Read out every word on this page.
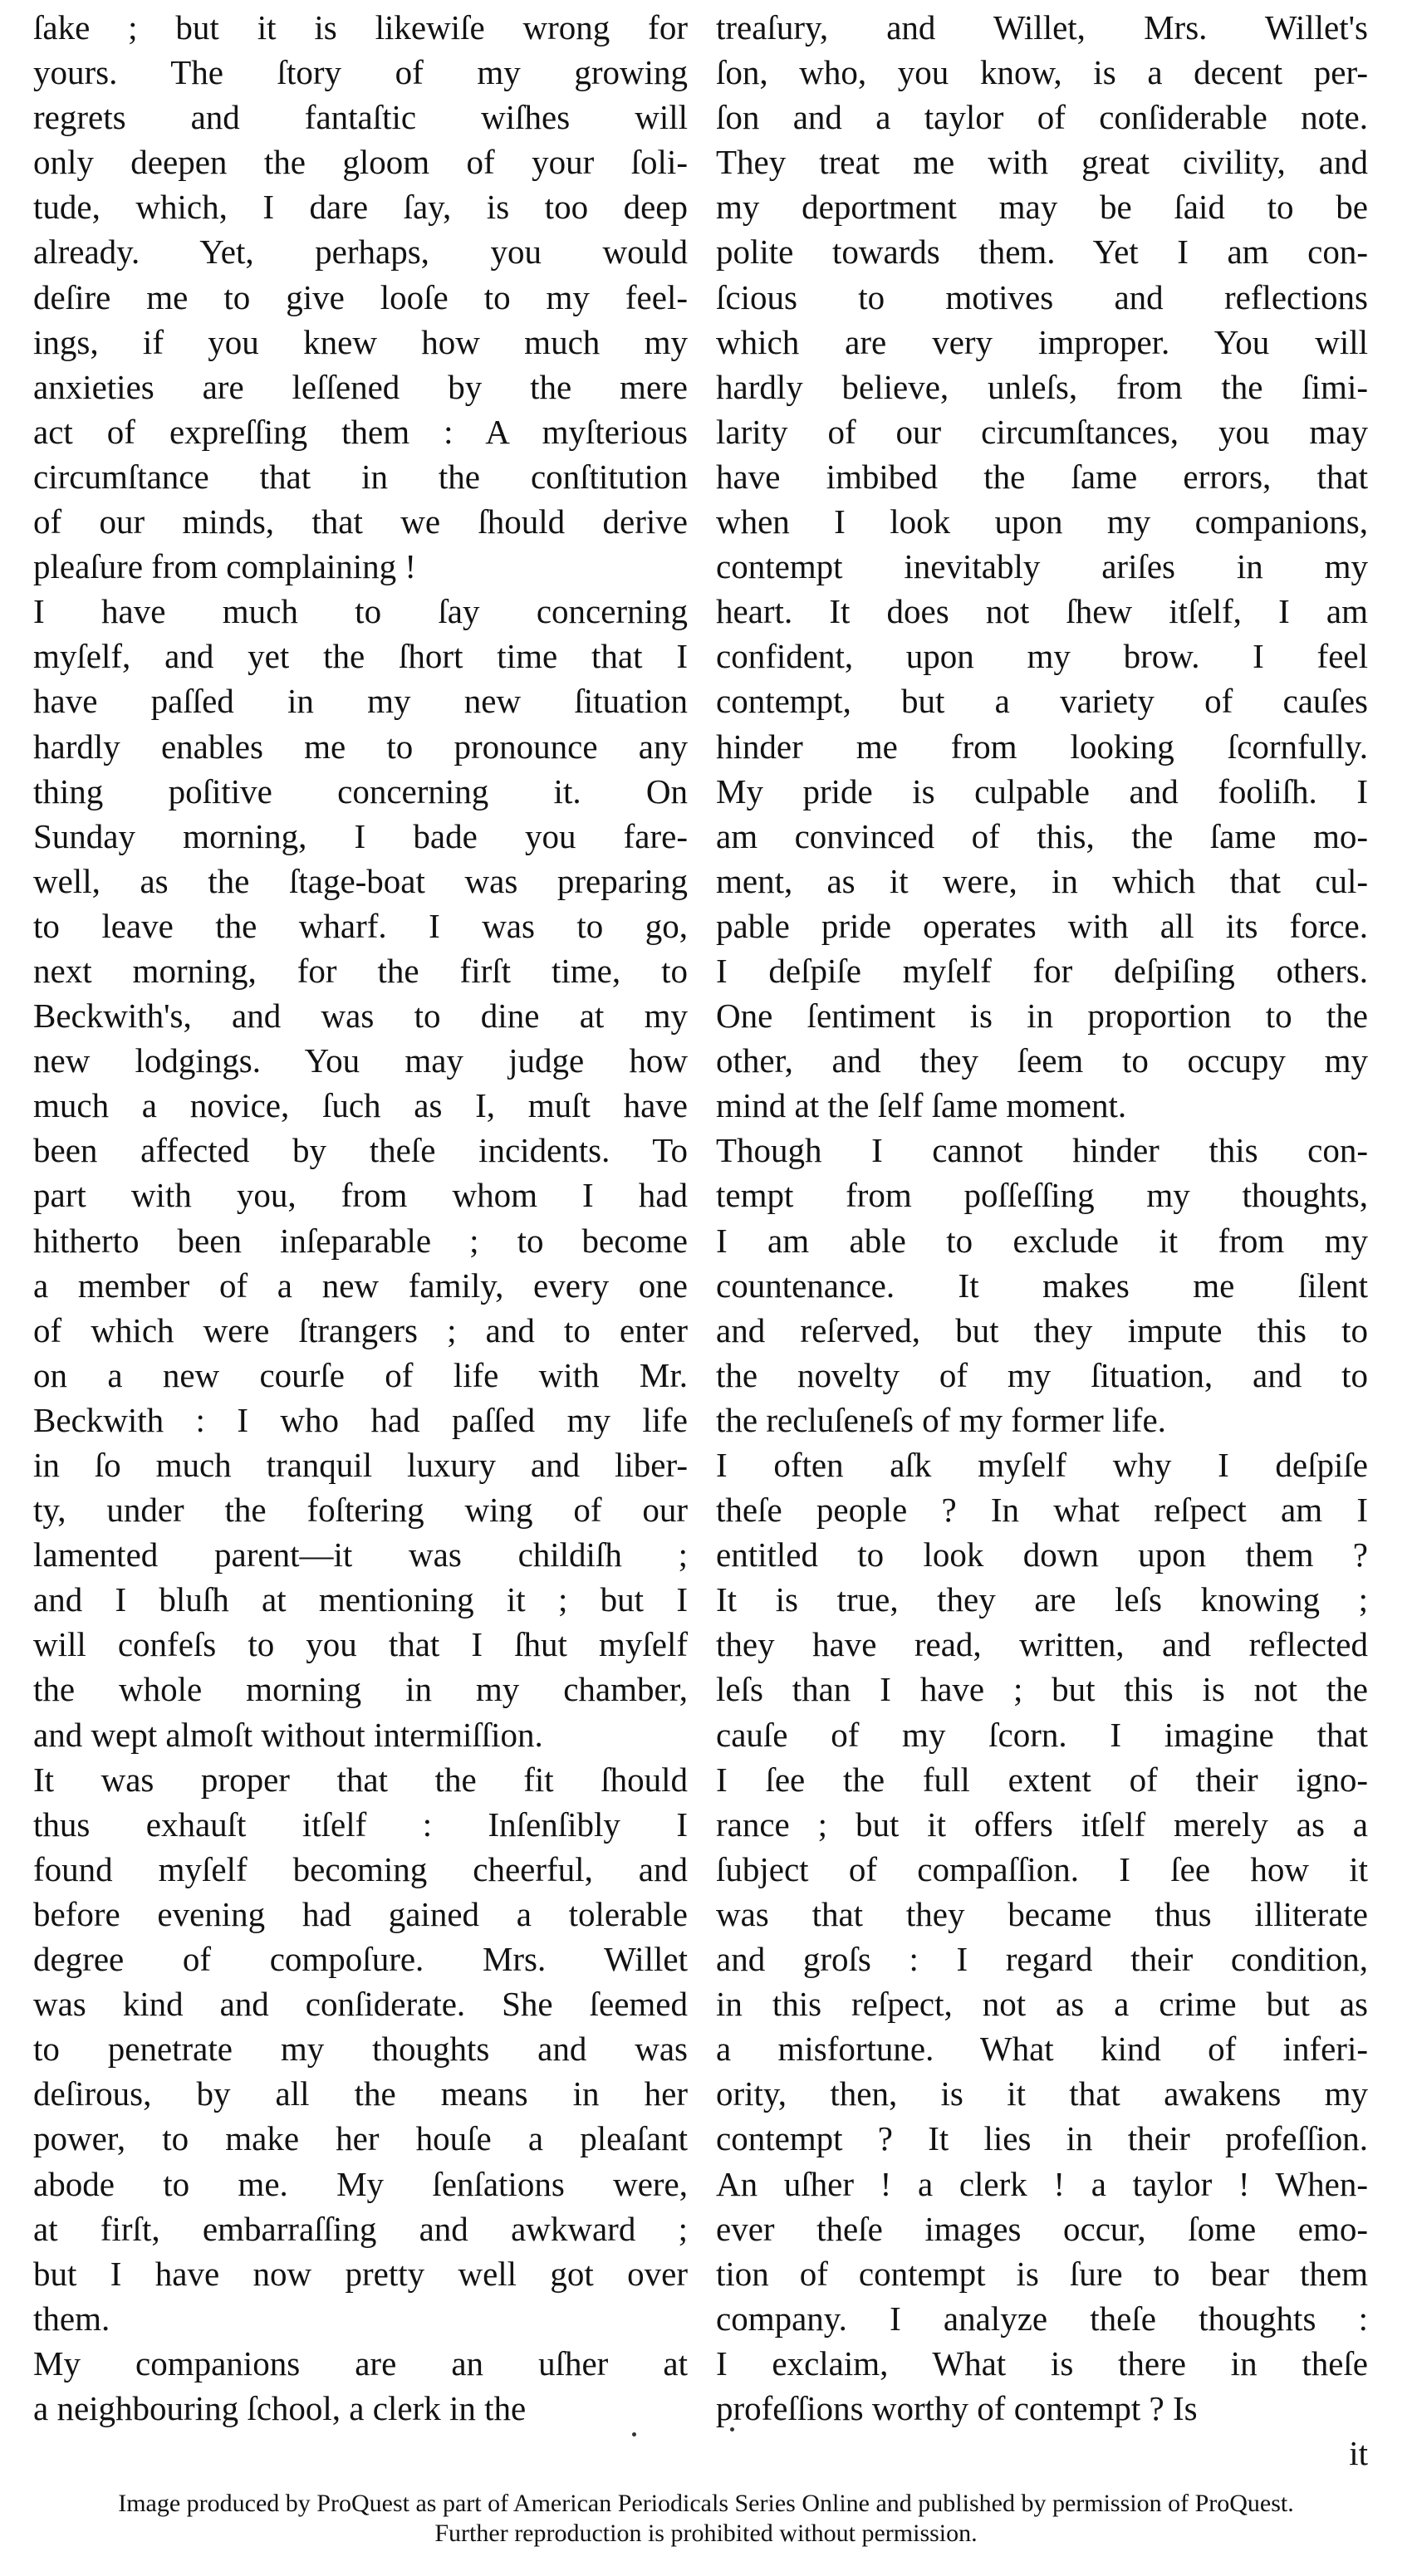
ſake ; but it is likewiſe wrong for
yours. The ſtory of my growing
regrets and fantaſtic wiſhes will
only deepen the gloom of your ſoli-
tude, which, I dare ſay, is too deep
already. Yet, perhaps, you would
deſire me to give looſe to my feel-
ings, if you knew how much my
anxieties are leſſened by the mere
act of expreſſing them : A myſterious
circumſtance that in the conſtitution
of our minds, that we ſhould derive
pleaſure from complaining !
I have much to ſay concerning
myſelf, and yet the ſhort time that I
have paſſed in my new ſituation
hardly enables me to pronounce any
thing poſitive concerning it. On
Sunday morning, I bade you fare-
well, as the ſtage-boat was preparing
to leave the wharf. I was to go,
next morning, for the firſt time, to
Beckwith's, and was to dine at my
new lodgings. You may judge how
much a novice, ſuch as I, muſt have
been affected by theſe incidents. To
part with you, from whom I had
hitherto been inſeparable ; to become
a member of a new family, every one
of which were ſtrangers ; and to enter
on a new courſe of life with Mr.
Beckwith : I who had paſſed my life
in ſo much tranquil luxury and liber-
ty, under the foſtering wing of our
lamented parent—it was childiſh ;
and I bluſh at mentioning it ; but I
will confeſs to you that I ſhut myſelf
the whole morning in my chamber,
and wept almoſt without intermiſſion.
It was proper that the fit ſhould
thus exhauſt itſelf : Inſenſibly I
found myſelf becoming cheerful, and
before evening had gained a tolerable
degree of compoſure. Mrs. Willet
was kind and conſiderate. She ſeemed
to penetrate my thoughts and was
deſirous, by all the means in her
power, to make her houſe a pleaſant
abode to me. My ſenſations were,
at firſt, embarraſſing and awkward ;
but I have now pretty well got over
them.
My companions are an uſher at
a neighbouring ſchool, a clerk in the
treaſury, and Willet, Mrs. Willet's
ſon, who, you know, is a decent per-
ſon and a taylor of conſiderable note.
They treat me with great civility, and
my deportment may be ſaid to be
polite towards them. Yet I am con-
ſcious to motives and reflections
which are very improper. You will
hardly believe, unleſs, from the ſimi-
larity of our circumſtances, you may
have imbibed the ſame errors, that
when I look upon my companions,
contempt inevitably ariſes in my
heart. It does not ſhew itſelf, I am
confident, upon my brow. I feel
contempt, but a variety of cauſes
hinder me from looking ſcornfully.
My pride is culpable and fooliſh. I
am convinced of this, the ſame mo-
ment, as it were, in which that cul-
pable pride operates with all its force.
I deſpiſe myſelf for deſpiſing others.
One ſentiment is in proportion to the
other, and they ſeem to occupy my
mind at the ſelf ſame moment.
Though I cannot hinder this con-
tempt from poſſeſſing my thoughts,
I am able to exclude it from my
countenance. It makes me ſilent
and reſerved, but they impute this to
the novelty of my ſituation, and to
the recluſeneſs of my former life.
I often aſk myſelf why I deſpiſe
theſe people ? In what reſpect am I
entitled to look down upon them ?
It is true, they are leſs knowing ;
they have read, written, and reflected
leſs than I have ; but this is not the
cauſe of my ſcorn. I imagine that
I ſee the full extent of their igno-
rance ; but it offers itſelf merely as a
ſubject of compaſſion. I ſee how it
was that they became thus illiterate
and groſs : I regard their condition,
in this reſpect, not as a crime but as
a misfortune. What kind of inferi-
ority, then, is it that awakens my
contempt ? It lies in their profeſſion.
An uſher ! a clerk ! a taylor ! When-
ever theſe images occur, ſome emo-
tion of contempt is ſure to bear them
company. I analyze theſe thoughts :
I exclaim, What is there in theſe
profeſſions worthy of contempt ? Is
it
Image produced by ProQuest as part of American Periodicals Series Online and published by permission of ProQuest.
Further reproduction is prohibited without permission.
